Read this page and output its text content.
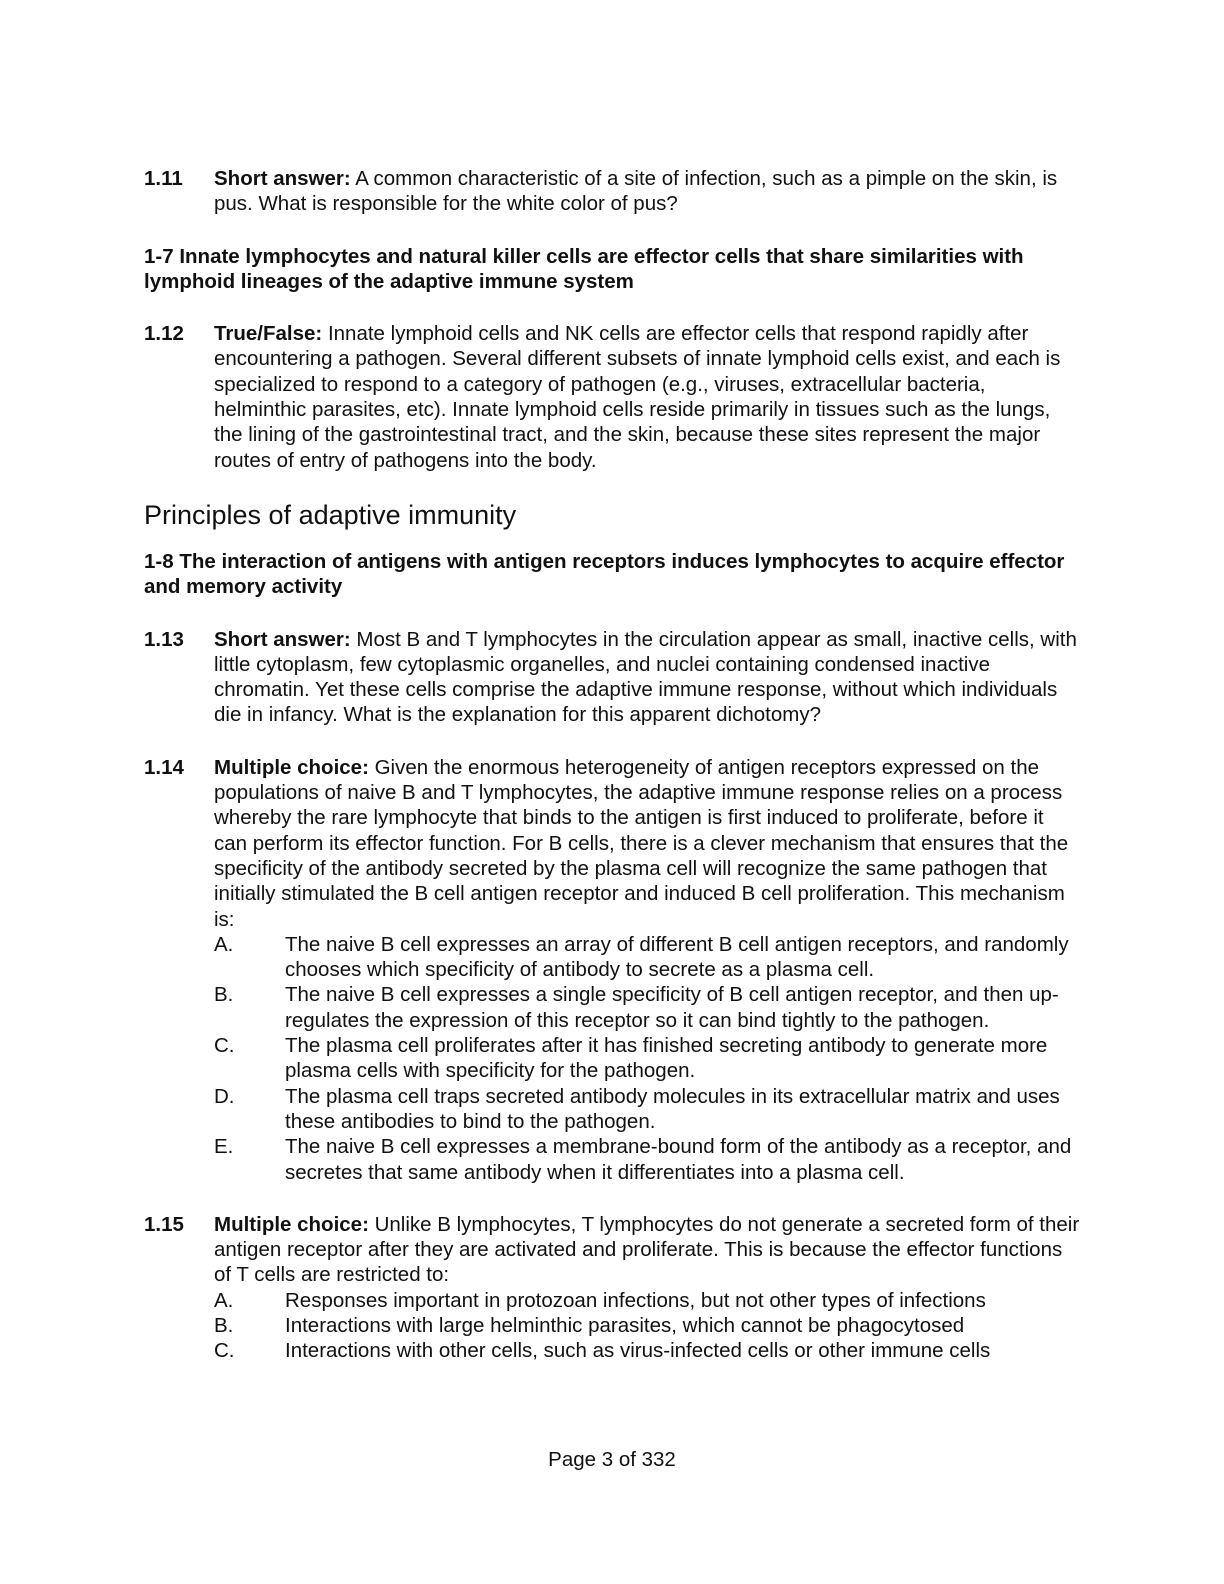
1.11	Short answer: A common characteristic of a site of infection, such as a pimple on the skin, is pus. What is responsible for the white color of pus?

1-7 Innate lymphocytes and natural killer cells are effector cells that share similarities with lymphoid lineages of the adaptive immune system

1.12	True/False: Innate lymphoid cells and NK cells are effector cells that respond rapidly after encountering a pathogen. Several different subsets of innate lymphoid cells exist, and each is specialized to respond to a category of pathogen (e.g., viruses, extracellular bacteria, helminthic parasites, etc). Innate lymphoid cells reside primarily in tissues such as the lungs, the lining of the gastrointestinal tract, and the skin, because these sites represent the major routes of entry of pathogens into the body.
Principles of adaptive immunity

1-8 The interaction of antigens with antigen receptors induces lymphocytes to acquire effector and memory activity

1.13	Short answer: Most B and T lymphocytes in the circulation appear as small, inactive cells, with little cytoplasm, few cytoplasmic organelles, and nuclei containing condensed inactive chromatin. Yet these cells comprise the adaptive immune response, without which individuals die in infancy. What is the explanation for this apparent dichotomy?
1.14	Multiple choice: Given the enormous heterogeneity of antigen receptors expressed on the populations of naive B and T lymphocytes, the adaptive immune response relies on a process whereby the rare lymphocyte that binds to the antigen is first induced to proliferate, before it can perform its effector function. For B cells, there is a clever mechanism that ensures that the specificity of the antibody secreted by the plasma cell will recognize the same pathogen that initially stimulated the B cell antigen receptor and induced B cell proliferation. This mechanism is:
A.	The naive B cell expresses an array of different B cell antigen receptors, and randomly chooses which specificity of antibody to secrete as a plasma cell.
B.	The naive B cell expresses a single specificity of B cell antigen receptor, and then up-regulates the expression of this receptor so it can bind tightly to the pathogen.
C.	The plasma cell proliferates after it has finished secreting antibody to generate more plasma cells with specificity for the pathogen.
D.	The plasma cell traps secreted antibody molecules in its extracellular matrix and uses these antibodies to bind to the pathogen.
E.	The naive B cell expresses a membrane-bound form of the antibody as a receptor, and secretes that same antibody when it differentiates into a plasma cell.
1.15	Multiple choice: Unlike B lymphocytes, T lymphocytes do not generate a secreted form of their antigen receptor after they are activated and proliferate. This is because the effector functions of T cells are restricted to:
A.	Responses important in protozoan infections, but not other types of infections
B.	Interactions with large helminthic parasites, which cannot be phagocytosed
C.	Interactions with other cells, such as virus-infected cells or other immune cells
Page 3 of 332
